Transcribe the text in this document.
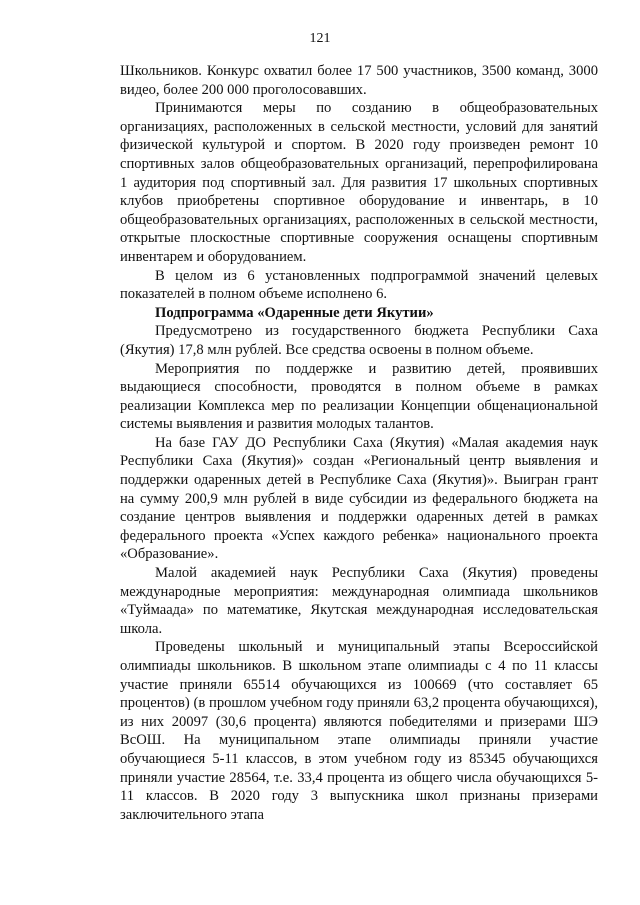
121

Школьников. Конкурс охватил более 17 500 участников, 3500 команд, 3000 видео, более 200 000 проголосовавших.

Принимаются меры по созданию в общеобразовательных организациях, расположенных в сельской местности, условий для занятий физической культурой и спортом. В 2020 году произведен ремонт 10 спортивных залов общеобразовательных организаций, перепрофилирована 1 аудитория под спортивный зал. Для развития 17 школьных спортивных клубов приобретены спортивное оборудование и инвентарь, в 10 общеобразовательных организациях, расположенных в сельской местности, открытые плоскостные спортивные сооружения оснащены спортивным инвентарем и оборудованием.

В целом из 6 установленных подпрограммой значений целевых показателей в полном объеме исполнено 6.

Подпрограмма «Одаренные дети Якутии»

Предусмотрено из государственного бюджета Республики Саха (Якутия) 17,8 млн рублей. Все средства освоены в полном объеме.

Мероприятия по поддержке и развитию детей, проявивших выдающиеся способности, проводятся в полном объеме в рамках реализации Комплекса мер по реализации Концепции общенациональной системы выявления и развития молодых талантов.

На базе ГАУ ДО Республики Саха (Якутия) «Малая академия наук Республики Саха (Якутия)» создан «Региональный центр выявления и поддержки одаренных детей в Республике Саха (Якутия)». Выигран грант на сумму 200,9 млн рублей в виде субсидии из федерального бюджета на создание центров выявления и поддержки одаренных детей в рамках федерального проекта «Успех каждого ребенка» национального проекта «Образование».

Малой академией наук Республики Саха (Якутия) проведены международные мероприятия: международная олимпиада школьников «Туймаада» по математике, Якутская международная исследовательская школа.

Проведены школьный и муниципальный этапы Всероссийской олимпиады школьников. В школьном этапе олимпиады с 4 по 11 классы участие приняли 65514 обучающихся из 100669 (что составляет 65 процентов) (в прошлом учебном году приняли 63,2 процента обучающихся), из них 20097 (30,6 процента) являются победителями и призерами ШЭ ВсОШ. На муниципальном этапе олимпиады приняли участие обучающиеся 5-11 классов, в этом учебном году из 85345 обучающихся приняли участие 28564, т.е. 33,4 процента из общего числа обучающихся 5-11 классов. В 2020 году 3 выпускника школ признаны призерами заключительного этапа
